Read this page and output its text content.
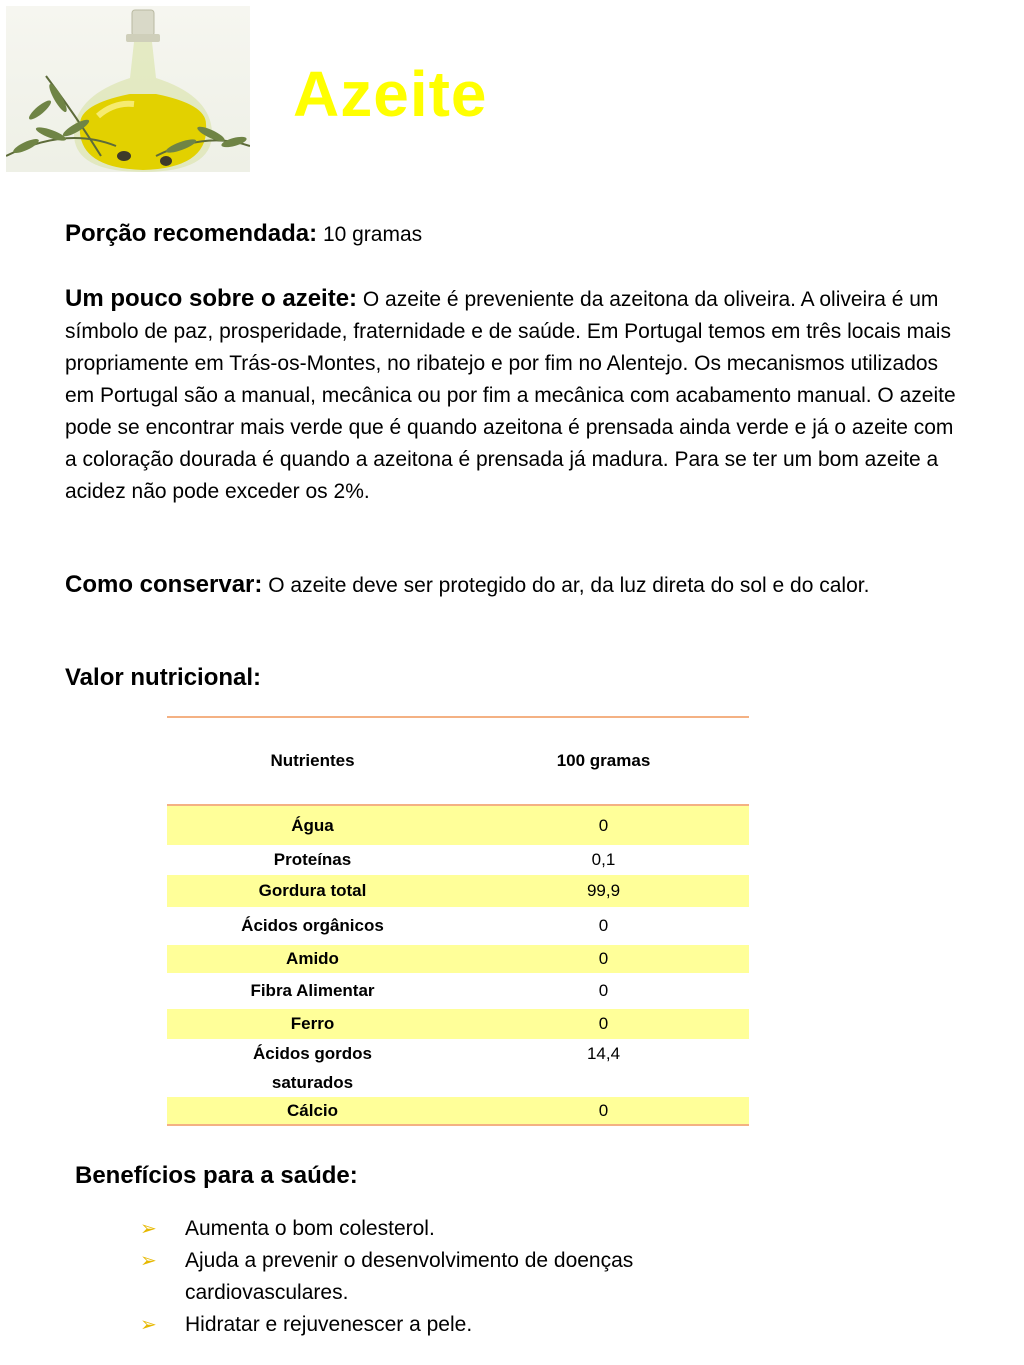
Azeite
Porção recomendada: 10 gramas
Um pouco sobre o azeite: O azeite é preveniente da azeitona da oliveira. A oliveira é um símbolo de paz, prosperidade, fraternidade e de saúde. Em Portugal temos em três locais mais propriamente em Trás-os-Montes, no ribatejo e por fim no Alentejo. Os mecanismos utilizados em Portugal são a manual, mecânica ou por fim a mecânica com acabamento manual. O azeite pode se encontrar mais verde que é quando azeitona é prensada ainda verde e já o azeite com a coloração dourada é quando a azeitona é prensada já madura. Para se ter um bom azeite a acidez não pode exceder os 2%.
Como conservar: O azeite deve ser protegido do ar, da luz direta do sol e do calor.
Valor nutricional:
Nutrientes	100 gramas
Água	0
Proteínas	0,1
Gordura total	99,9
Ácidos orgânicos	0
Amido	0
Fibra Alimentar	0
Ferro	0
Ácidos gordos saturados	14,4
Cálcio	0
Benefícios para a saúde:
➢ Aumenta o bom colesterol.
➢ Ajuda a prevenir o desenvolvimento de doenças cardiovasculares.
➢ Hidratar e rejuvenescer a pele.
